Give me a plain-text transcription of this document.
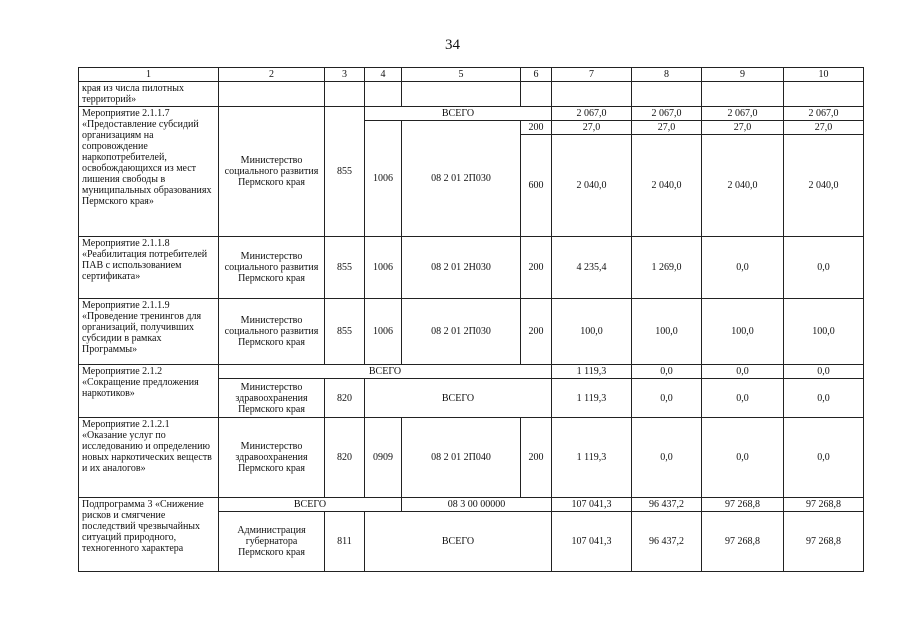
34
1	2	3	4	5	6	7	8	9	10
края из числа пилотных территорий»									
Мероприятие 2.1.1.7 «Предоставление субсидий организациям на сопровождение наркопотребителей, освобождающихся из мест лишения свободы в муниципальных образованиях Пермского края»	Министерство социального развития Пермского края	855	ВСЕГО			2 067,0	2 067,0	2 067,0	2 067,0
			1006	08 2 01 2П030	200	27,0	27,0	27,0	27,0
					600	2 040,0	2 040,0	2 040,0	2 040,0
Мероприятие 2.1.1.8 «Реабилитация потребителей ПАВ с использованием сертификата»	Министерство социального развития Пермского края	855	1006	08 2 01 2Н030	200	4 235,4	1 269,0	0,0	0,0
Мероприятие 2.1.1.9 «Проведение тренингов для организаций, получивших субсидии в рамках Программы»	Министерство социального развития Пермского края	855	1006	08 2 01 2П030	200	100,0	100,0	100,0	100,0
Мероприятие 2.1.2 «Сокращение предложения наркотиков»	ВСЕГО					1 119,3	0,0	0,0	0,0
	Министерство здравоохранения Пермского края	820	ВСЕГО			1 119,3	0,0	0,0	0,0
Мероприятие 2.1.2.1 «Оказание услуг по исследованию и определению новых наркотических веществ и их аналогов»	Министерство здравоохранения Пермского края	820	0909	08 2 01 2П040	200	1 119,3	0,0	0,0	0,0
Подпрограмма 3 «Снижение рисков и смягчение последствий чрезвычайных ситуаций природного, техногенного характера	ВСЕГО			08 3 00 00000		107 041,3	96 437,2	97 268,8	97 268,8
	Администрация губернатора Пермского края	811	ВСЕГО			107 041,3	96 437,2	97 268,8	97 268,8
